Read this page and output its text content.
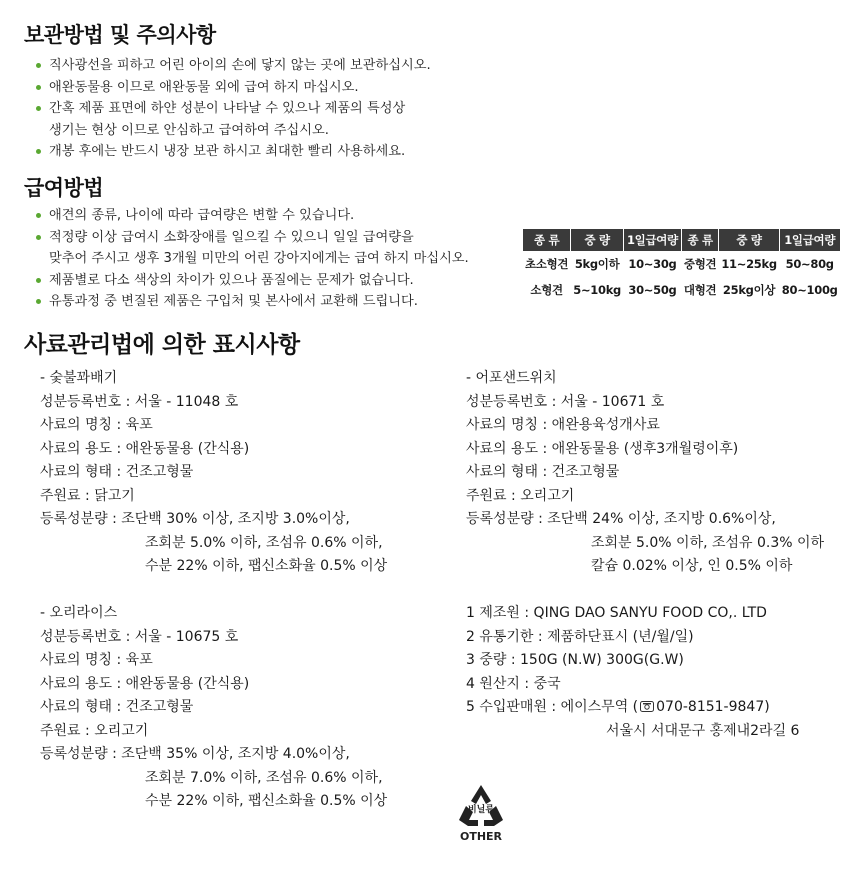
보관방법 및 주의사항
직사광선을 피하고 어린 아이의 손에 닿지 않는 곳에 보관하십시오.
애완동물용 이므로 애완동물 외에 급여 하지 마십시오.
간혹 제품 표면에 하얀 성분이 나타날 수 있으나 제품의 특성상
생기는 현상 이므로 안심하고 급여하여 주십시오.
개봉 후에는 반드시 냉장 보관 하시고 최대한 빨리 사용하세요.
급여방법
애견의 종류, 나이에 따라 급여량은 변할 수 있습니다.
적정량 이상 급여시 소화장애를 일으킬 수 있으니 일일 급여량을
맞추어 주시고 생후 3개월 미만의 어린 강아지에게는 급여 하지 마십시오.
제품별로 다소 색상의 차이가 있으나 품질에는 문제가 없습니다.
유통과정 중 변질된 제품은 구입처 및 본사에서 교환해 드립니다.
종 류	중 량	1일급여량	종 류	중 량	1일급여량
초소형견	5kg이하	10~30g	중형견	11~25kg	50~80g
소형견	5~10kg	30~50g	대형견	25kg이상	80~100g
사료관리법에 의한 표시사항
- 숯불꽈배기
성분등록번호 : 서울 - 11048 호
사료의 명칭 : 육포
사료의 용도 : 애완동물용 (간식용)
사료의 형태 : 건조고형물
주원료 : 닭고기
등록성분량 : 조단백 30% 이상, 조지방 3.0%이상,
조회분 5.0% 이하, 조섬유 0.6% 이하,
수분 22% 이하, 팹신소화율 0.5% 이상
- 어포샌드위치
성분등록번호 : 서울 - 10671 호
사료의 명칭 : 애완용육성개사료
사료의 용도 : 애완동물용 (생후3개월령이후)
사료의 형태 : 건조고형물
주원료 : 오리고기
등록성분량 : 조단백 24% 이상, 조지방 0.6%이상,
조회분 5.0% 이하, 조섬유 0.3% 이하
칼슘 0.02% 이상, 인 0.5% 이하
- 오리라이스
성분등록번호 : 서울 - 10675 호
사료의 명칭 : 육포
사료의 용도 : 애완동물용 (간식용)
사료의 형태 : 건조고형물
주원료 : 오리고기
등록성분량 : 조단백 35% 이상, 조지방 4.0%이상,
조회분 7.0% 이하, 조섬유 0.6% 이하,
수분 22% 이하, 팹신소화율 0.5% 이상
1 제조원 : QING DAO SANYU FOOD CO,. LTD
2 유통기한 : 제품하단표시 (년/월/일)
3 중량 : 150G (N.W) 300G(G.W)
4 원산지 : 중국
5 수입판매원 : 에이스무역 ( 070-8151-9847)
서울시 서대문구 홍제내2라길 6
비닐류
OTHER
